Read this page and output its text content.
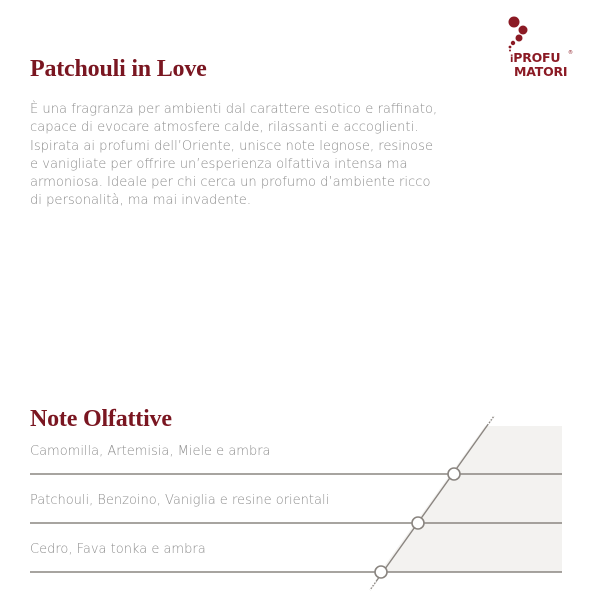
iPROFU
MATORI
®
Patchouli in Love

È una fragranza per ambienti dal carattere esotico e raffinato, capace di evocare atmosfere calde, rilassanti e accoglienti. Ispirata ai profumi dell’Oriente, unisce note legnose, resinose e vanigliate per offrire un’esperienza olfattiva intensa ma armoniosa. Ideale per chi cerca un profumo d’ambiente ricco di personalità, ma mai invadente.

Note Olfattive
Camomilla, Artemisia, Miele e ambra
Patchouli, Benzoino, Vaniglia e resine orientali
Cedro, Fava tonka e ambra
